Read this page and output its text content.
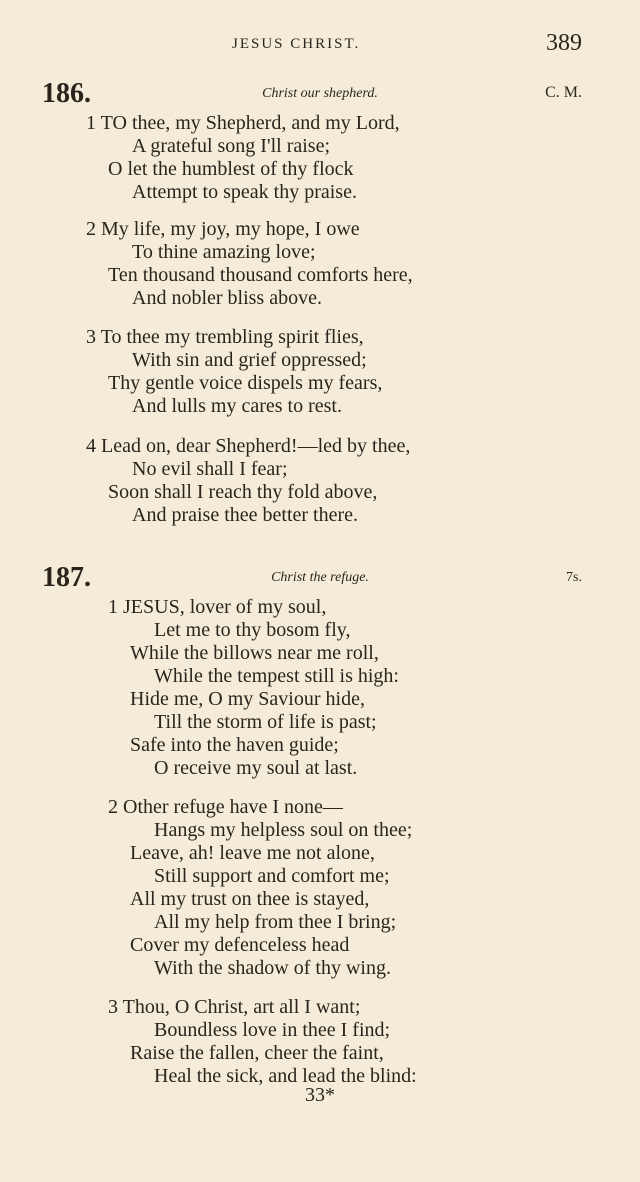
JESUS CHRIST.	389
186.	Christ our shepherd.	C. M.
1 TO thee, my Shepherd, and my Lord,
A grateful song I'll raise;
O let the humblest of thy flock
Attempt to speak thy praise.
2 My life, my joy, my hope, I owe
To thine amazing love;
Ten thousand thousand comforts here,
And nobler bliss above.
3 To thee my trembling spirit flies,
With sin and grief oppressed;
Thy gentle voice dispels my fears,
And lulls my cares to rest.
4 Lead on, dear Shepherd!—led by thee,
No evil shall I fear;
Soon shall I reach thy fold above,
And praise thee better there.
187.	Christ the refuge.	7s.
1 JESUS, lover of my soul,
Let me to thy bosom fly,
While the billows near me roll,
While the tempest still is high:
Hide me, O my Saviour hide,
Till the storm of life is past;
Safe into the haven guide;
O receive my soul at last.
2 Other refuge have I none—
Hangs my helpless soul on thee;
Leave, ah! leave me not alone,
Still support and comfort me;
All my trust on thee is stayed,
All my help from thee I bring;
Cover my defenceless head
With the shadow of thy wing.
3 Thou, O Christ, art all I want;
Boundless love in thee I find;
Raise the fallen, cheer the faint,
Heal the sick, and lead the blind:
33*
